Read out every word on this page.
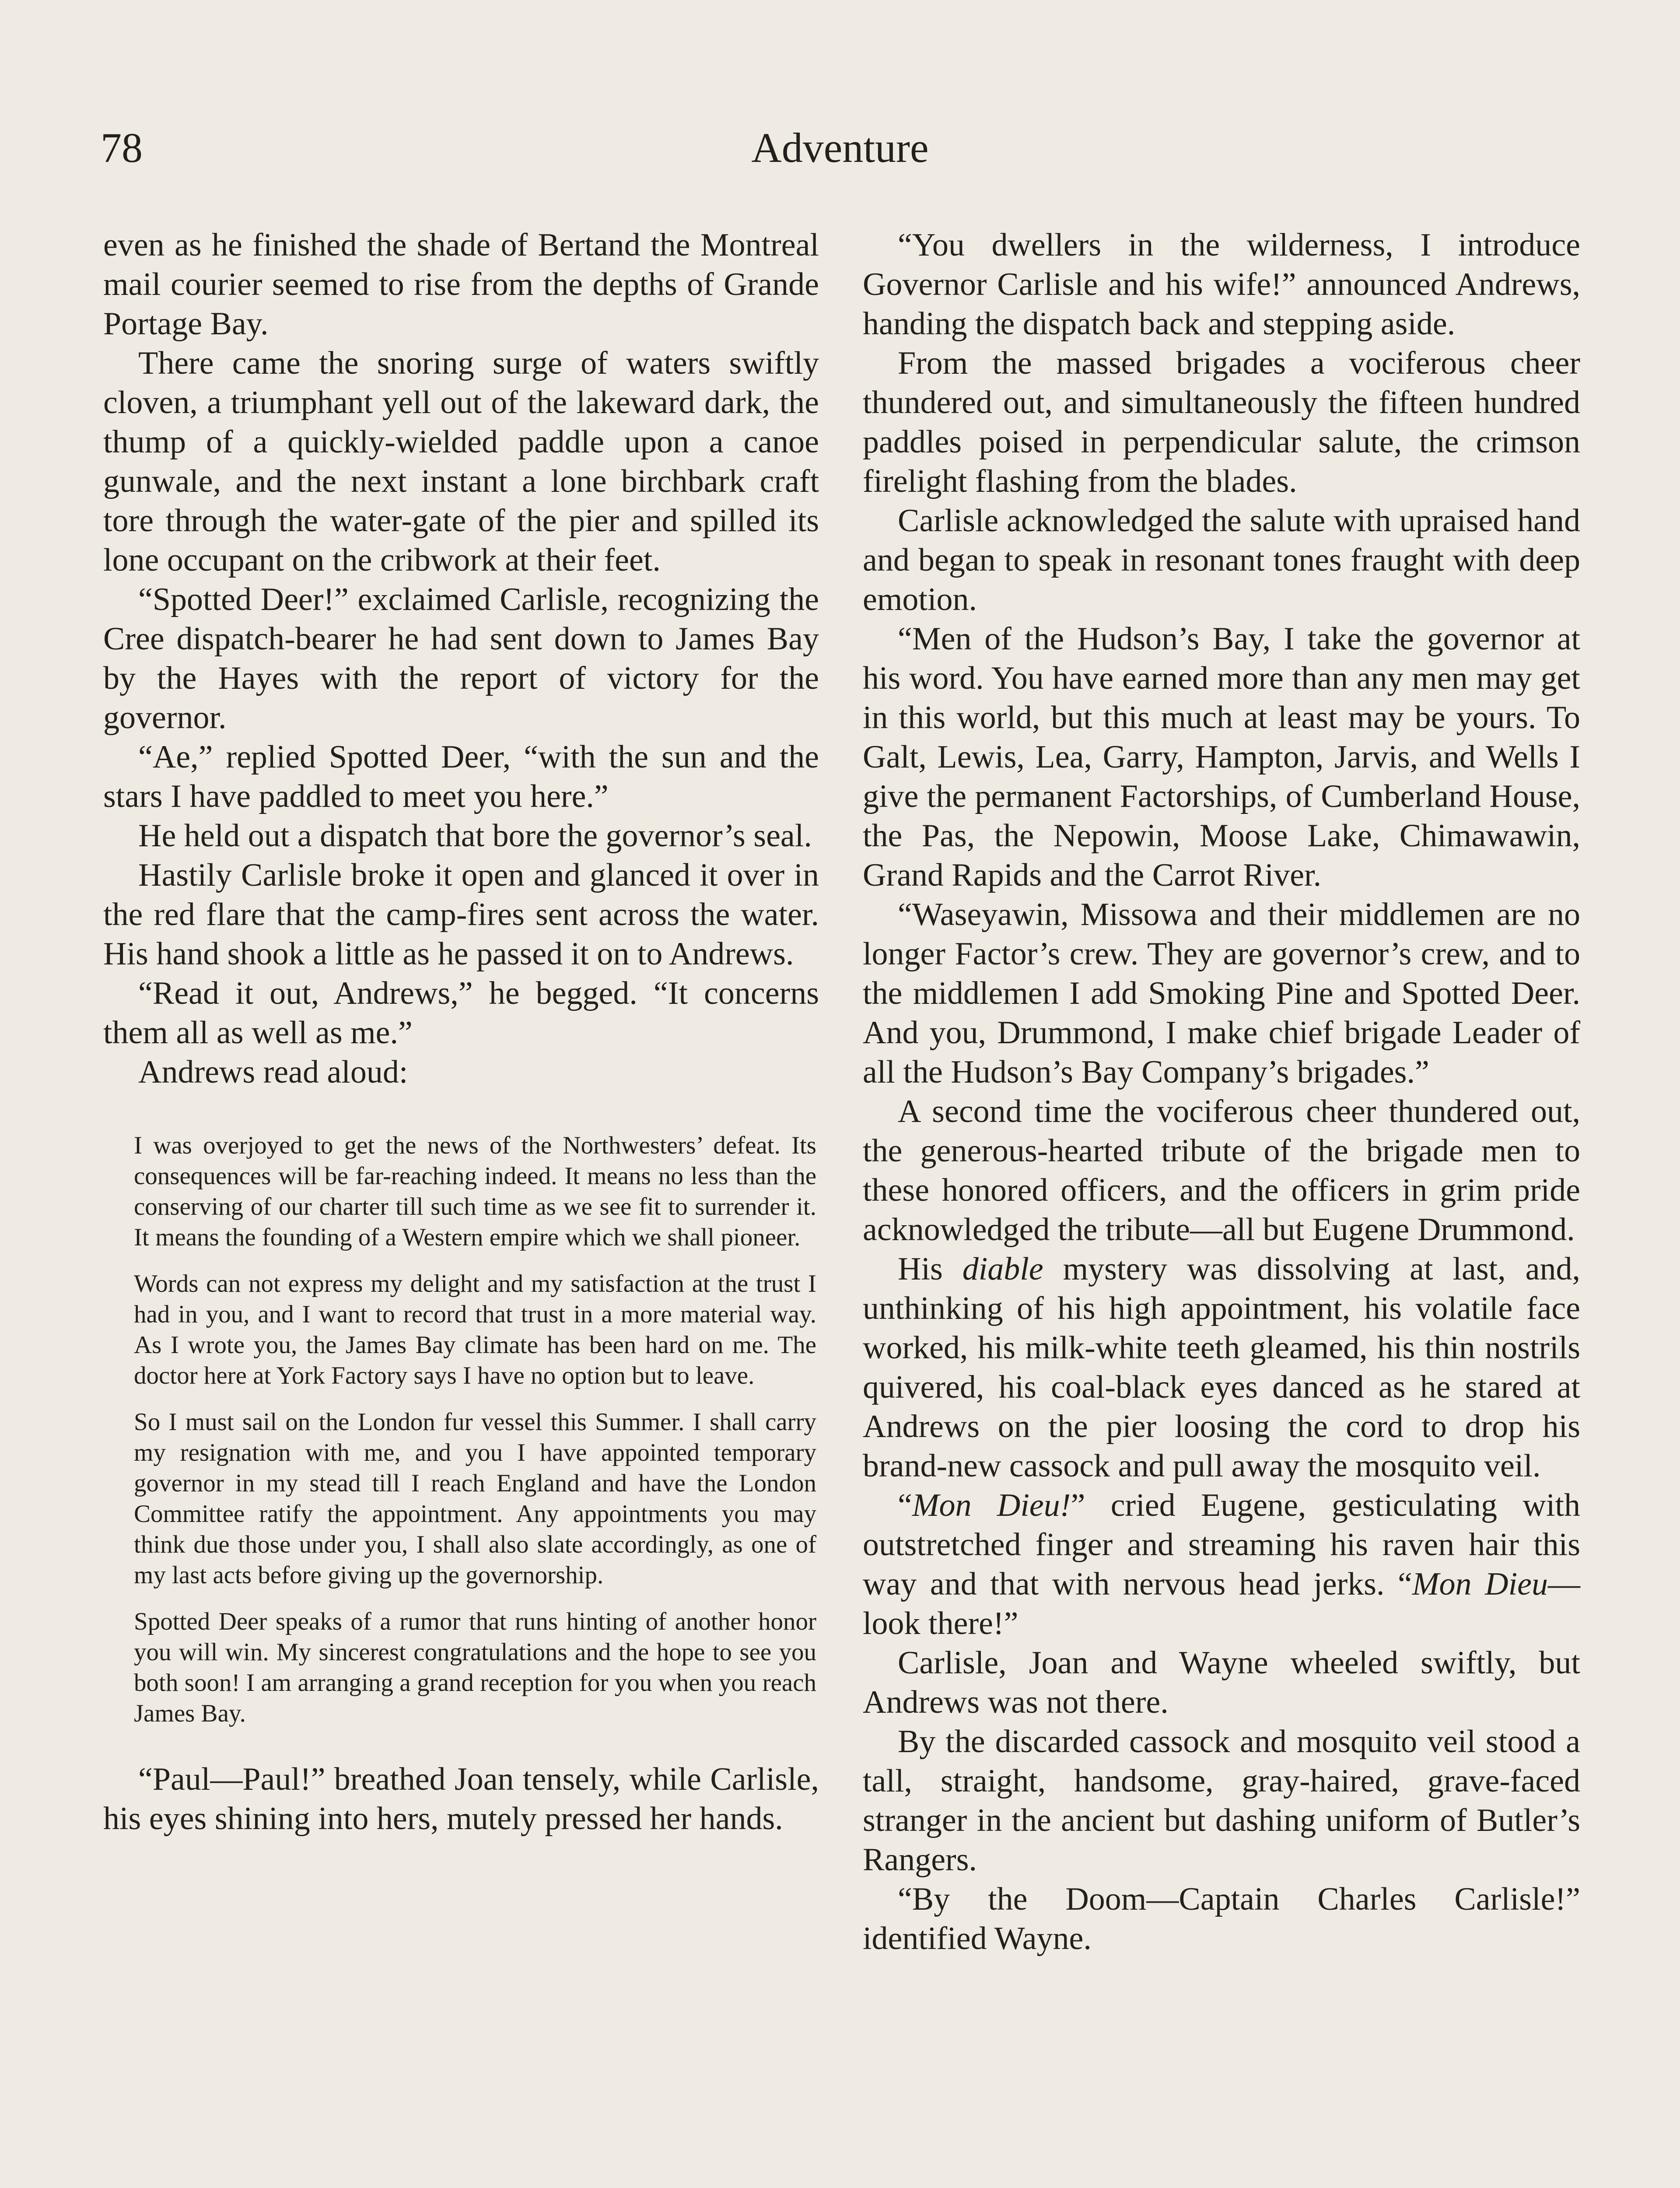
78	Adventure

even as he finished the shade of Bertand the Montreal mail courier seemed to rise from the depths of Grande Portage Bay.

There came the snoring surge of waters swiftly cloven, a triumphant yell out of the lakeward dark, the thump of a quickly-wielded paddle upon a canoe gunwale, and the next instant a lone birchbark craft tore through the water-gate of the pier and spilled its lone occupant on the cribwork at their feet.

“Spotted Deer!” exclaimed Carlisle, recognizing the Cree dispatch-bearer he had sent down to James Bay by the Hayes with the report of victory for the governor.

“Ae,” replied Spotted Deer, “with the sun and the stars I have paddled to meet you here.”

He held out a dispatch that bore the governor’s seal.

Hastily Carlisle broke it open and glanced it over in the red flare that the camp-fires sent across the water. His hand shook a little as he passed it on to Andrews.

“Read it out, Andrews,” he begged. “It concerns them all as well as me.”

Andrews read aloud:

I was overjoyed to get the news of the Northwesters’ defeat. Its consequences will be far-reaching indeed. It means no less than the conserving of our charter till such time as we see fit to surrender it. It means the founding of a Western empire which we shall pioneer.

Words can not express my delight and my satisfaction at the trust I had in you, and I want to record that trust in a more material way. As I wrote you, the James Bay climate has been hard on me. The doctor here at York Factory says I have no option but to leave.

So I must sail on the London fur vessel this Summer. I shall carry my resignation with me, and you I have appointed temporary governor in my stead till I reach England and have the London Committee ratify the appointment. Any appointments you may think due those under you, I shall also slate accordingly, as one of my last acts before giving up the governorship.

Spotted Deer speaks of a rumor that runs hinting of another honor you will win. My sincerest congratulations and the hope to see you both soon! I am arranging a grand reception for you when you reach James Bay.

“Paul—Paul!” breathed Joan tensely, while Carlisle, his eyes shining into hers, mutely pressed her hands.

“You dwellers in the wilderness, I introduce Governor Carlisle and his wife!” announced Andrews, handing the dispatch back and stepping aside.

From the massed brigades a vociferous cheer thundered out, and simultaneously the fifteen hundred paddles poised in perpendicular salute, the crimson firelight flashing from the blades.

Carlisle acknowledged the salute with upraised hand and began to speak in resonant tones fraught with deep emotion.

“Men of the Hudson’s Bay, I take the governor at his word. You have earned more than any men may get in this world, but this much at least may be yours. To Galt, Lewis, Lea, Garry, Hampton, Jarvis, and Wells I give the permanent Factorships, of Cumberland House, the Pas, the Nepowin, Moose Lake, Chimawawin, Grand Rapids and the Carrot River.

“Waseyawin, Missowa and their middlemen are no longer Factor’s crew. They are governor’s crew, and to the middlemen I add Smoking Pine and Spotted Deer. And you, Drummond, I make chief brigade Leader of all the Hudson’s Bay Company’s brigades.”

A second time the vociferous cheer thundered out, the generous-hearted tribute of the brigade men to these honored officers, and the officers in grim pride acknowledged the tribute—all but Eugene Drummond.

His diable mystery was dissolving at last, and, unthinking of his high appointment, his volatile face worked, his milk-white teeth gleamed, his thin nostrils quivered, his coal-black eyes danced as he stared at Andrews on the pier loosing the cord to drop his brand-new cassock and pull away the mosquito veil.

“Mon Dieu!” cried Eugene, gesticulating with outstretched finger and streaming his raven hair this way and that with nervous head jerks. “Mon Dieu—look there!”

Carlisle, Joan and Wayne wheeled swiftly, but Andrews was not there.

By the discarded cassock and mosquito veil stood a tall, straight, handsome, gray-haired, grave-faced stranger in the ancient but dashing uniform of Butler’s Rangers.

“By the Doom—Captain Charles Carlisle!” identified Wayne.
